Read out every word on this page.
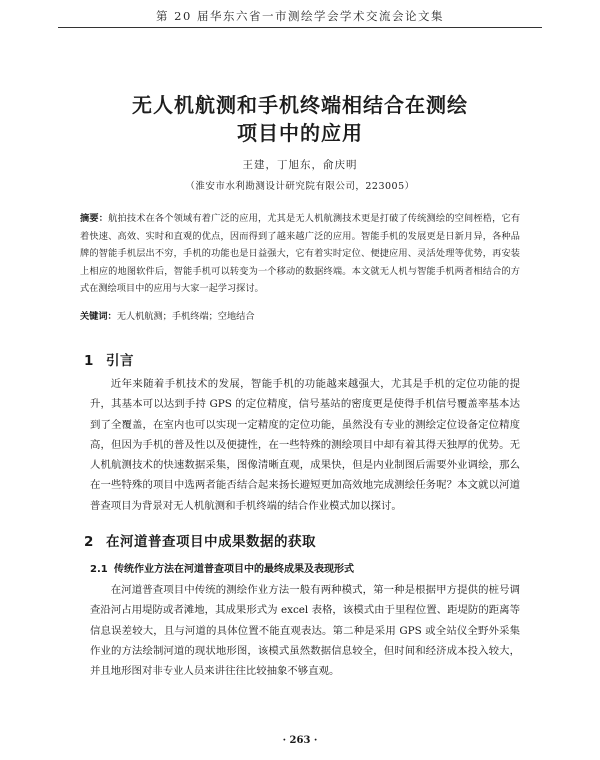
第 20 届华东六省一市测绘学会学术交流会论文集
无人机航测和手机终端相结合在测绘
项目中的应用
王建，丁旭东，俞庆明
（淮安市水利勘测设计研究院有限公司，223005）
摘要：航拍技术在各个领域有着广泛的应用，尤其是无人机航测技术更是打破了传统测绘的空间桎梏，它有着快速、高效、实时和直观的优点，因而得到了越来越广泛的应用。智能手机的发展更是日新月异，各种品牌的智能手机层出不穷，手机的功能也是日益强大，它有着实时定位、便捷应用、灵活处理等优势，再安装上相应的地图软件后，智能手机可以转变为一个移动的数据终端。本文就无人机与智能手机两者相结合的方式在测绘项目中的应用与大家一起学习探讨。
关键词：无人机航测；手机终端；空地结合
1 引言

近年来随着手机技术的发展，智能手机的功能越来越强大，尤其是手机的定位功能的提升，其基本可以达到手持 GPS 的定位精度，信号基站的密度更是使得手机信号覆盖率基本达到了全覆盖，在室内也可以实现一定精度的定位功能，虽然没有专业的测绘定位设备定位精度高，但因为手机的普及性以及便捷性，在一些特殊的测绘项目中却有着其得天独厚的优势。无人机航测技术的快速数据采集，图像清晰直观，成果快，但是内业制图后需要外业调绘，那么在一些特殊的项目中选两者能否结合起来扬长避短更加高效地完成测绘任务呢？本文就以河道普查项目为背景对无人机航测和手机终端的结合作业模式加以探讨。

2 在河道普查项目中成果数据的获取
2.1 传统作业方法在河道普查项目中的最终成果及表现形式

在河道普查项目中传统的测绘作业方法一般有两种模式，第一种是根据甲方提供的桩号调查沿河占用堤防或者滩地，其成果形式为 excel 表格，该模式由于里程位置、距堤防的距离等信息误差较大，且与河道的具体位置不能直观表达。第二种是采用 GPS 或全站仪全野外采集作业的方法绘制河道的现状地形图，该模式虽然数据信息较全，但时间和经济成本投入较大，并且地形图对非专业人员来讲往往比较抽象不够直观。

· 263 ·
